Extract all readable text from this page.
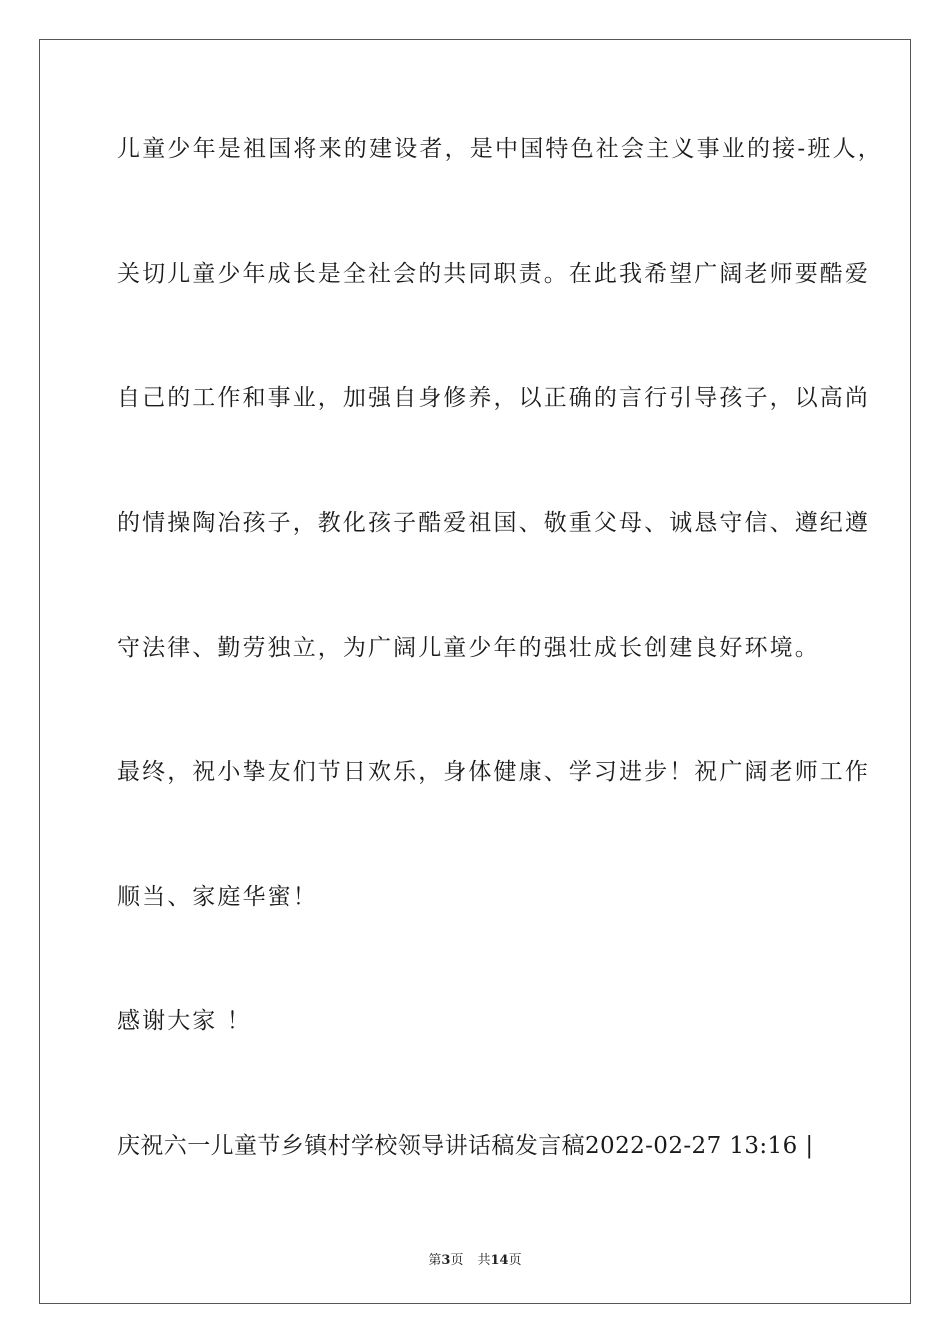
儿童少年是祖国将来的建设者，是中国特色社会主义事业的接-班人，
关切儿童少年成长是全社会的共同职责。在此我希望广阔老师要酷爱
自己的工作和事业，加强自身修养，以正确的言行引导孩子，以高尚
的情操陶冶孩子，教化孩子酷爱祖国、敬重父母、诚恳守信、遵纪遵
守法律、勤劳独立，为广阔儿童少年的强壮成长创建良好环境。
最终，祝小挚友们节日欢乐，身体健康、学习进步！祝广阔老师工作
顺当、家庭华蜜！
感谢大家 ！
庆祝六一儿童节乡镇村学校领导讲话稿发言稿2022-02-27 13:16 |
第3页 共14页
